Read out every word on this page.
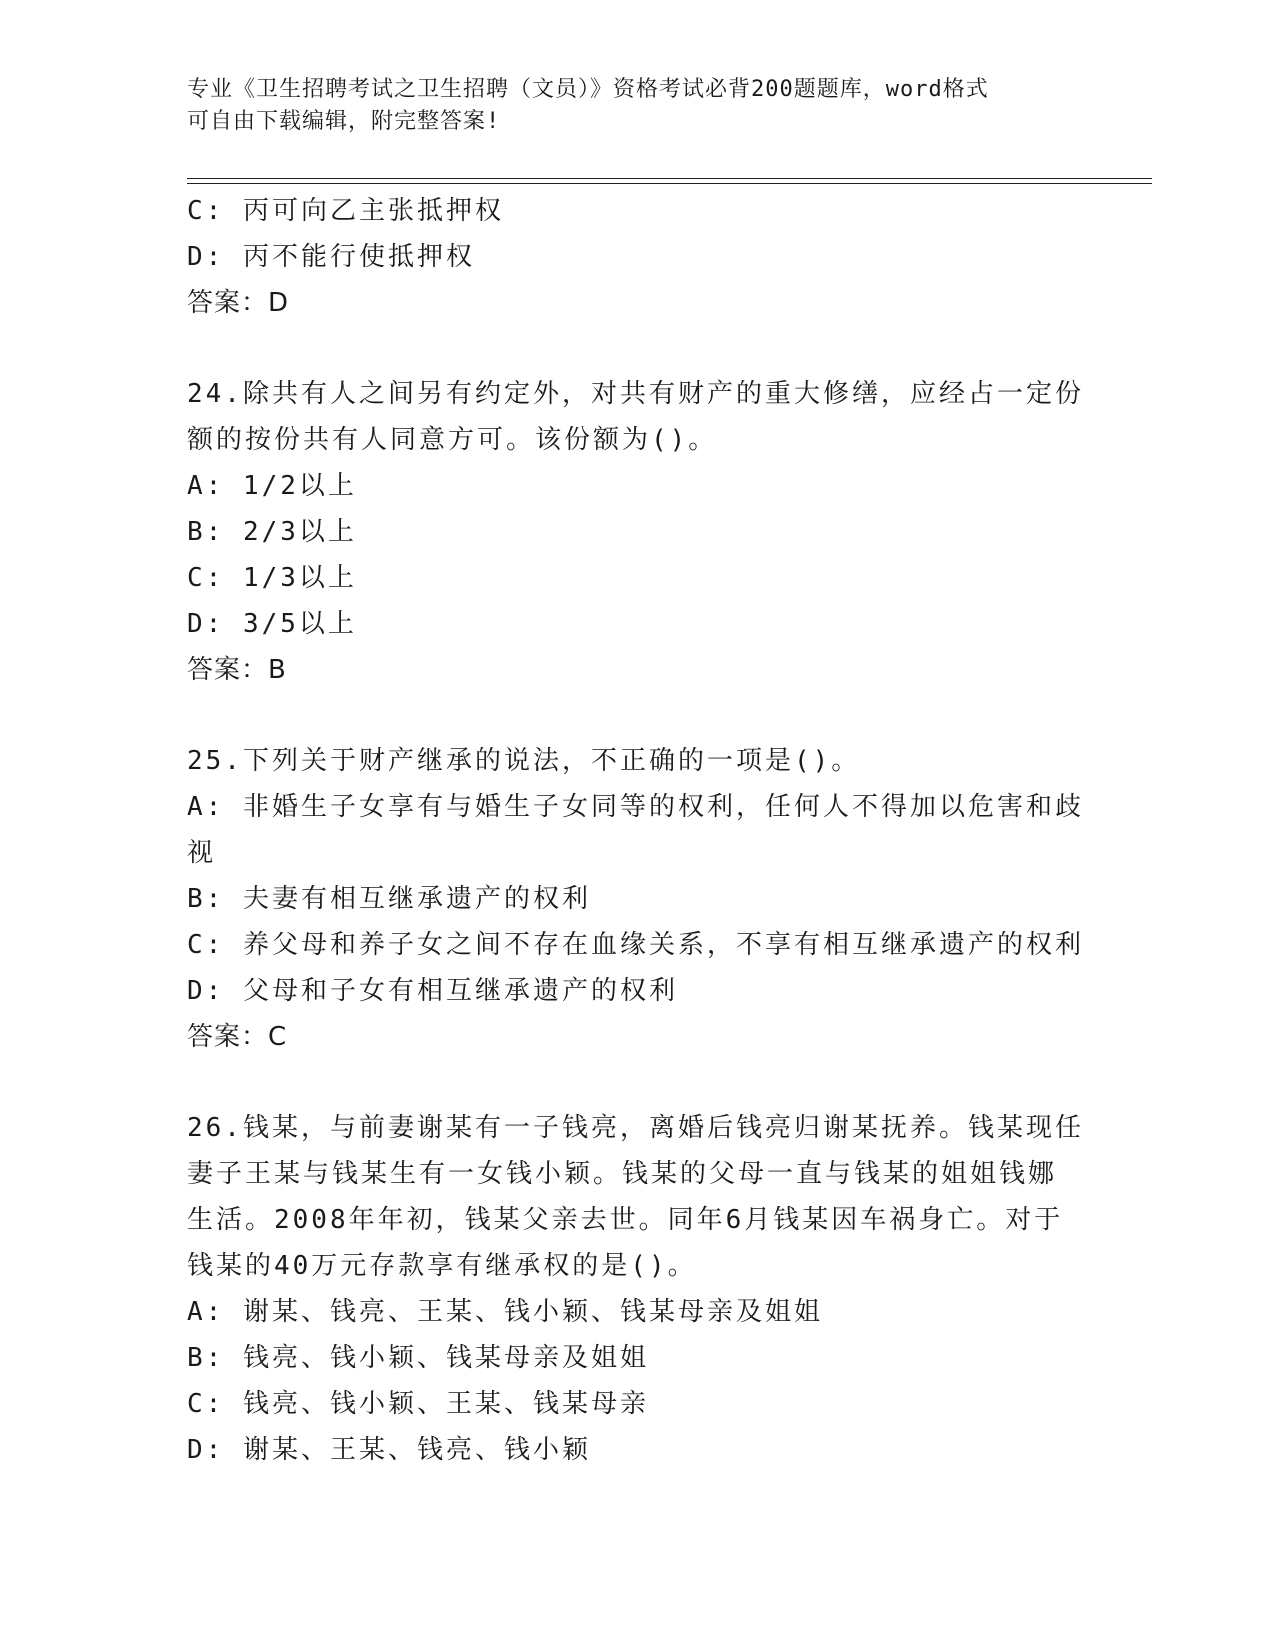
专业《卫生招聘考试之卫生招聘（文员）》资格考试必背200题题库，word格式
可自由下载编辑，附完整答案!
C: 丙可向乙主张抵押权
D: 丙不能行使抵押权
答案：D
24.除共有人之间另有约定外，对共有财产的重大修缮，应经占一定份
额的按份共有人同意方可。该份额为()。
A: 1/2以上
B: 2/3以上
C: 1/3以上
D: 3/5以上
答案：B
25.下列关于财产继承的说法，不正确的一项是()。
A: 非婚生子女享有与婚生子女同等的权利，任何人不得加以危害和歧
视
B: 夫妻有相互继承遗产的权利
C: 养父母和养子女之间不存在血缘关系，不享有相互继承遗产的权利
D: 父母和子女有相互继承遗产的权利
答案：C
26.钱某，与前妻谢某有一子钱亮，离婚后钱亮归谢某抚养。钱某现任
妻子王某与钱某生有一女钱小颖。钱某的父母一直与钱某的姐姐钱娜
生活。2008年年初，钱某父亲去世。同年6月钱某因车祸身亡。对于
钱某的40万元存款享有继承权的是()。
A: 谢某、钱亮、王某、钱小颖、钱某母亲及姐姐
B: 钱亮、钱小颖、钱某母亲及姐姐
C: 钱亮、钱小颖、王某、钱某母亲
D: 谢某、王某、钱亮、钱小颖
